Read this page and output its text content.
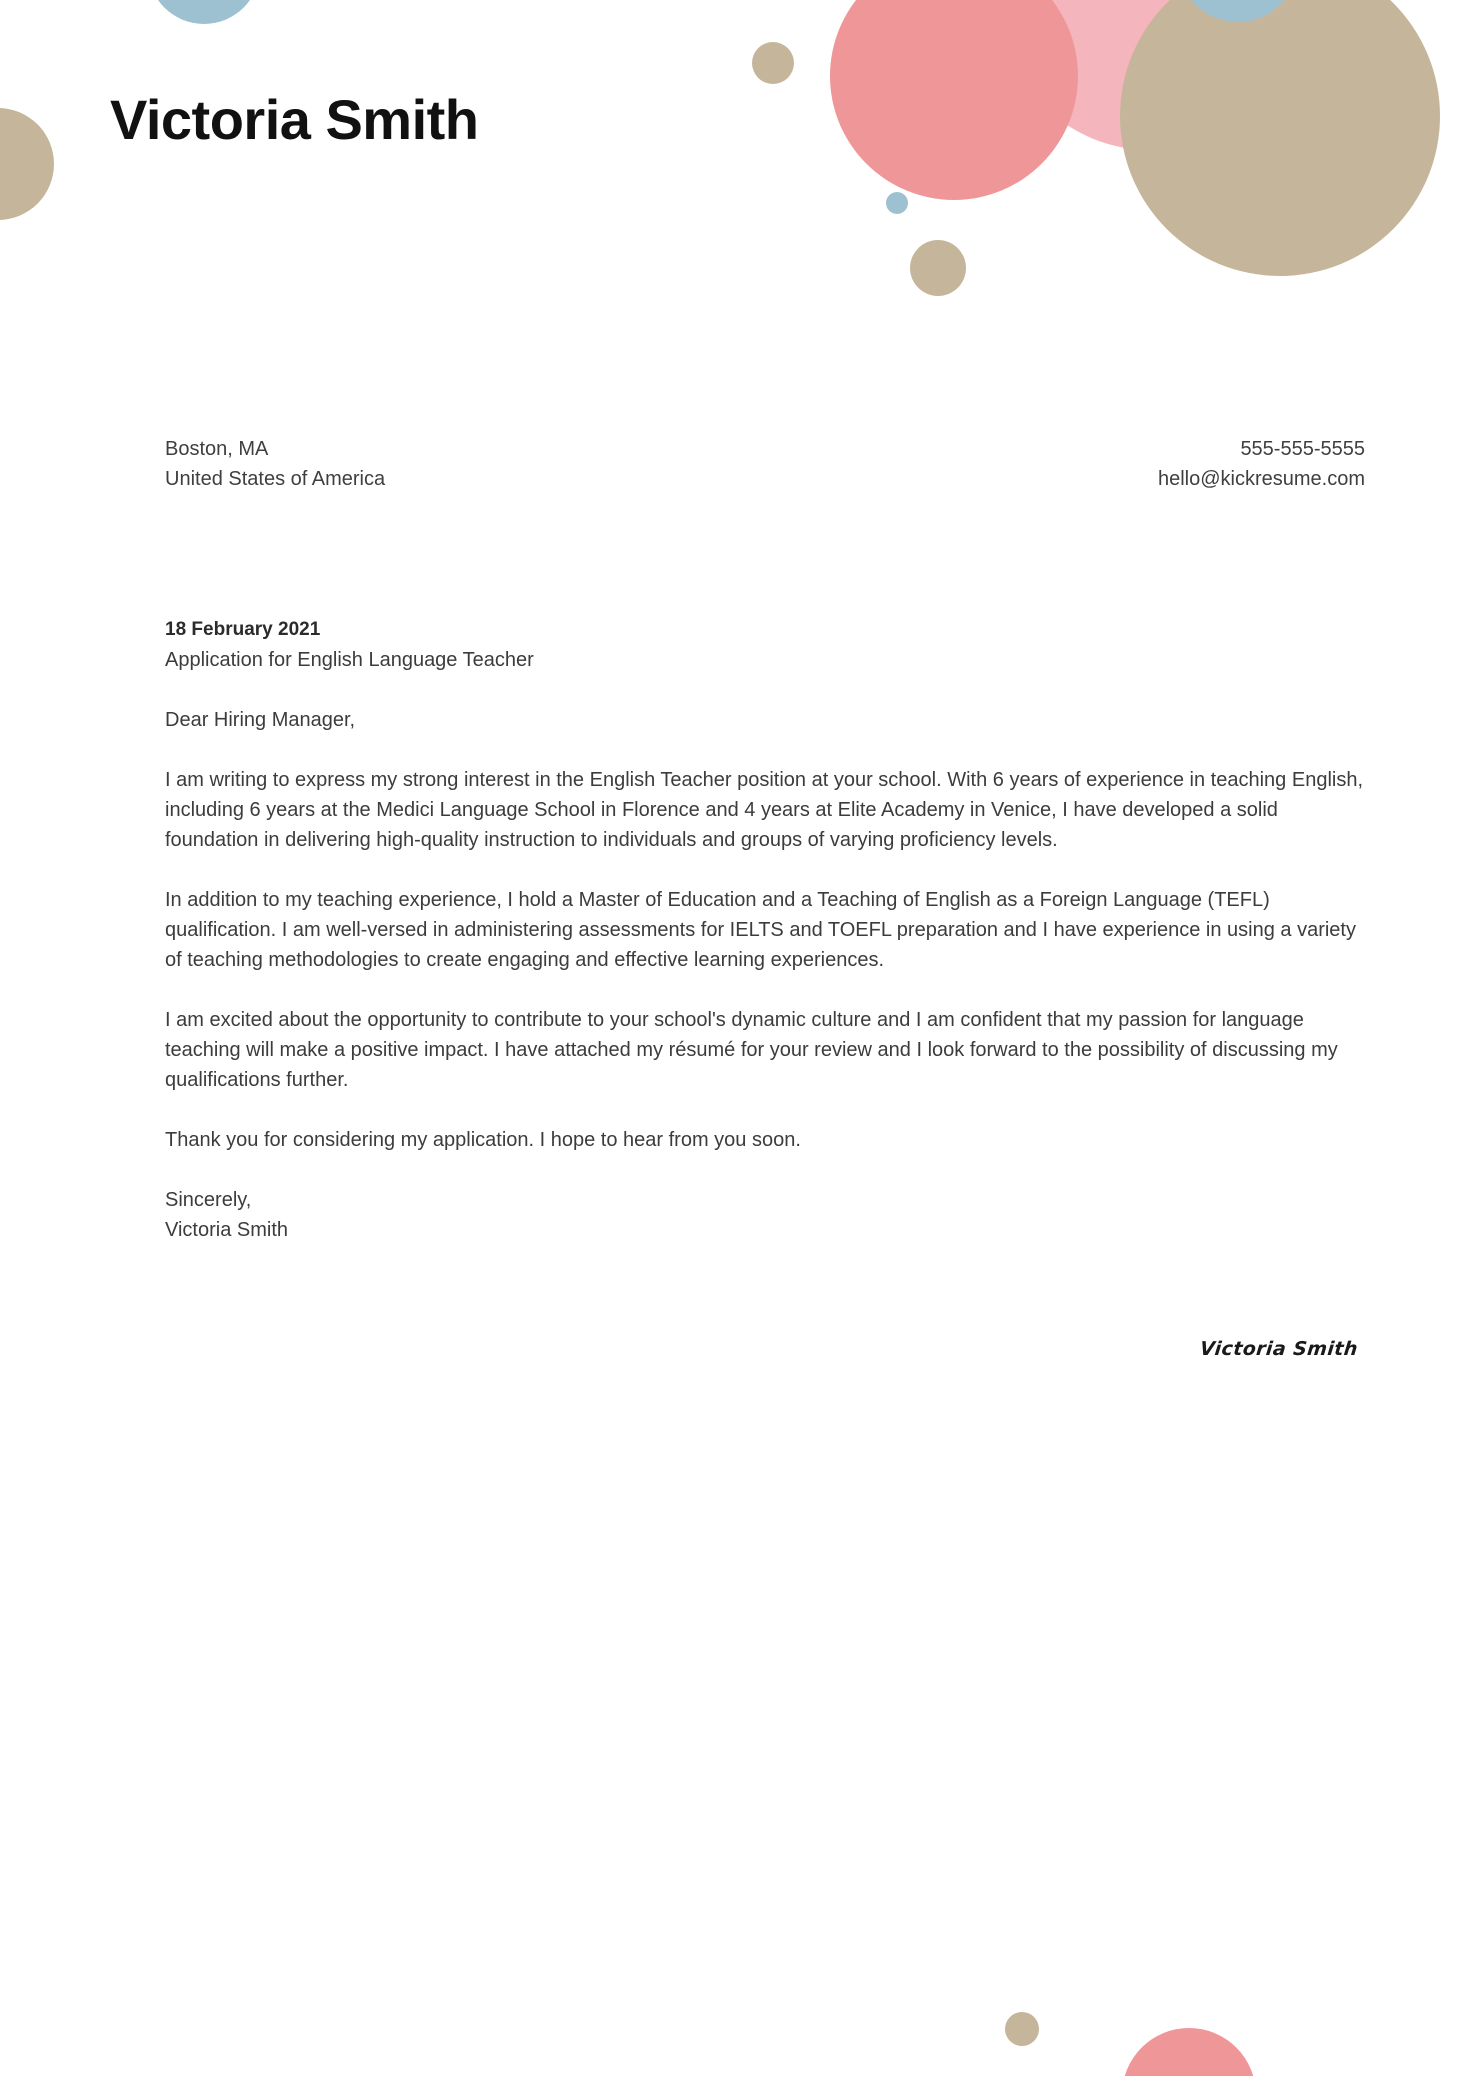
Victoria Smith
Boston, MA
United States of America
555-555-5555
hello@kickresume.com
18 February 2021
Application for English Language Teacher
Dear Hiring Manager,

I am writing to express my strong interest in the English Teacher position at your school. With 6 years of experience in teaching English, including 6 years at the Medici Language School in Florence and 4 years at Elite Academy in Venice, I have developed a solid foundation in delivering high-quality instruction to individuals and groups of varying proficiency levels.

In addition to my teaching experience, I hold a Master of Education and a Teaching of English as a Foreign Language (TEFL) qualification. I am well-versed in administering assessments for IELTS and TOEFL preparation and I have experience in using a variety of teaching methodologies to create engaging and effective learning experiences.

I am excited about the opportunity to contribute to your school's dynamic culture and I am confident that my passion for language teaching will make a positive impact. I have attached my résumé for your review and I look forward to the possibility of discussing my qualifications further.

Thank you for considering my application. I hope to hear from you soon.

Sincerely,
Victoria Smith
Victoria Smith
